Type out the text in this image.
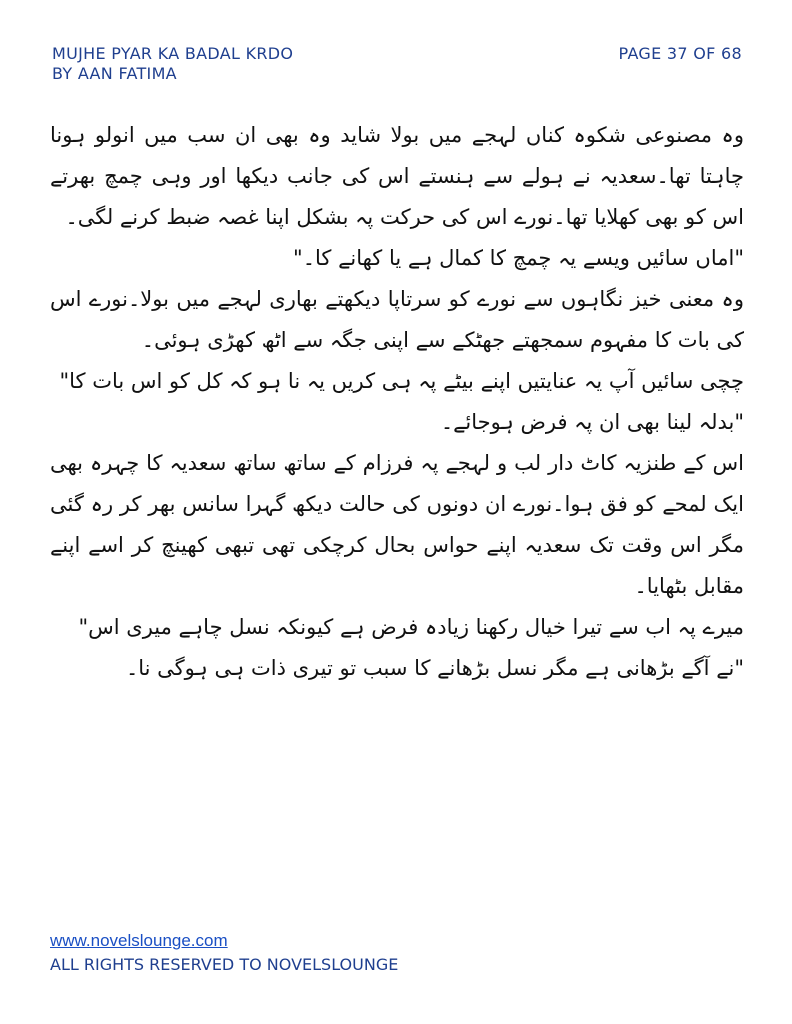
MUJHE PYAR KA BADAL KRDO
BY AAN FATIMA
PAGE 37 OF 68

وہ مصنوعی شکوہ کناں لہجے میں بولا شاید وہ بھی ان سب میں انولو ہونا چاہتا تھا۔سعدیہ نے ہولے سے ہنستے اس کی جانب دیکھا اور وہی چمچ بھرتے اس کو بھی کھلایا تھا۔نورے اس کی حرکت پہ بشکل اپنا غصہ ضبط کرنے لگی۔

"اماں سائیں ویسے یہ چمچ کا کمال ہے یا کھانے کا۔"

وہ معنی خیز نگاہوں سے نورے کو سرتاپا دیکھتے بھاری لہجے میں بولا۔نورے اس کی بات کا مفہوم سمجھتے جھٹکے سے اپنی جگہ سے اٹھ کھڑی ہوئی۔

چچی سائیں آپ یہ عنایتیں اپنے بیٹے پہ ہی کریں یہ نا ہو کہ کل کو اس بات کا"

"بدلہ لینا بھی ان پہ فرض ہوجائے۔

اس کے طنزیہ کاٹ دار لب و لہجے پہ فرزام کے ساتھ ساتھ سعدیہ کا چہرہ بھی ایک لمحے کو فق ہوا۔نورے ان دونوں کی حالت دیکھ گہرا سانس بھر کر رہ گئی مگر اس وقت تک سعدیہ اپنے حواس بحال کرچکی تھی تبھی کھینچ کر اسے اپنے مقابل بٹھایا۔

میرے پہ اب سے تیرا خیال رکھنا زیادہ فرض ہے کیونکہ نسل چاہے میری اس"

"نے آگے بڑھانی ہے مگر نسل بڑھانے کا سبب تو تیری ذات ہی ہوگی نا۔

www.novelslounge.com
ALL RIGHTS RESERVED TO NOVELSLOUNGE
